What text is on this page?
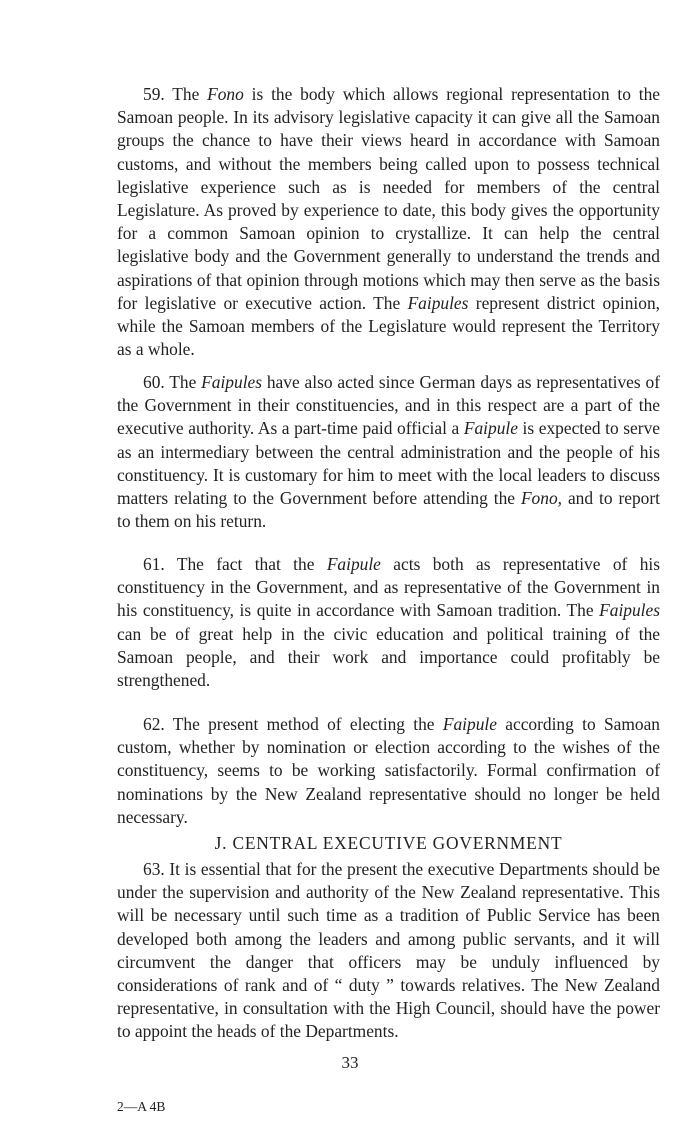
59. The Fono is the body which allows regional representation to the Samoan people. In its advisory legislative capacity it can give all the Samoan groups the chance to have their views heard in accordance with Samoan customs, and without the members being called upon to possess technical legislative experience such as is needed for members of the central Legislature. As proved by experience to date, this body gives the opportunity for a common Samoan opinion to crystallize. It can help the central legislative body and the Government generally to understand the trends and aspirations of that opinion through motions which may then serve as the basis for legislative or executive action. The Faipules represent district opinion, while the Samoan members of the Legislature would represent the Territory as a whole.

60. The Faipules have also acted since German days as representatives of the Government in their constituencies, and in this respect are a part of the executive authority. As a part-time paid official a Faipule is expected to serve as an intermediary between the central administration and the people of his constituency. It is customary for him to meet with the local leaders to discuss matters relating to the Government before attending the Fono, and to report to them on his return.

61. The fact that the Faipule acts both as representative of his constituency in the Government, and as representative of the Government in his constituency, is quite in accordance with Samoan tradition. The Faipules can be of great help in the civic education and political training of the Samoan people, and their work and importance could profitably be strengthened.

62. The present method of electing the Faipule according to Samoan custom, whether by nomination or election according to the wishes of the constituency, seems to be working satisfactorily. Formal confirmation of nominations by the New Zealand representative should no longer be held necessary.

J. CENTRAL EXECUTIVE GOVERNMENT

63. It is essential that for the present the executive Departments should be under the supervision and authority of the New Zealand representative. This will be necessary until such time as a tradition of Public Service has been developed both among the leaders and among public servants, and it will circumvent the danger that officers may be unduly influenced by considerations of rank and of “ duty ” towards relatives. The New Zealand representative, in consultation with the High Council, should have the power to appoint the heads of the Departments.

33
2—A 4B
